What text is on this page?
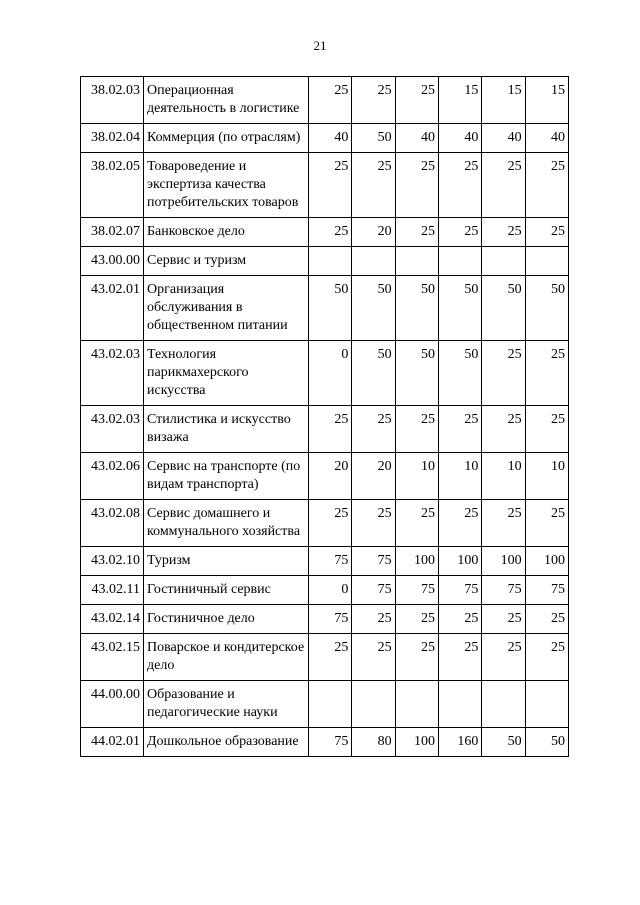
21
38.02.03	Операционная деятельность в логистике	25	25	25	15	15	15
38.02.04	Коммерция (по отраслям)	40	50	40	40	40	40
38.02.05	Товароведение и экспертиза качества потребительских товаров	25	25	25	25	25	25
38.02.07	Банковское дело	25	20	25	25	25	25
43.00.00	Сервис и туризм						
43.02.01	Организация обслуживания в общественном питании	50	50	50	50	50	50
43.02.03	Технология парикмахерского искусства	0	50	50	50	25	25
43.02.03	Стилистика и искусство визажа	25	25	25	25	25	25
43.02.06	Сервис на транспорте (по видам транспорта)	20	20	10	10	10	10
43.02.08	Сервис домашнего и коммунального хозяйства	25	25	25	25	25	25
43.02.10	Туризм	75	75	100	100	100	100
43.02.11	Гостиничный сервис	0	75	75	75	75	75
43.02.14	Гостиничное дело	75	25	25	25	25	25
43.02.15	Поварское и кондитерское дело	25	25	25	25	25	25
44.00.00	Образование и педагогические науки						
44.02.01	Дошкольное образование	75	80	100	160	50	50
